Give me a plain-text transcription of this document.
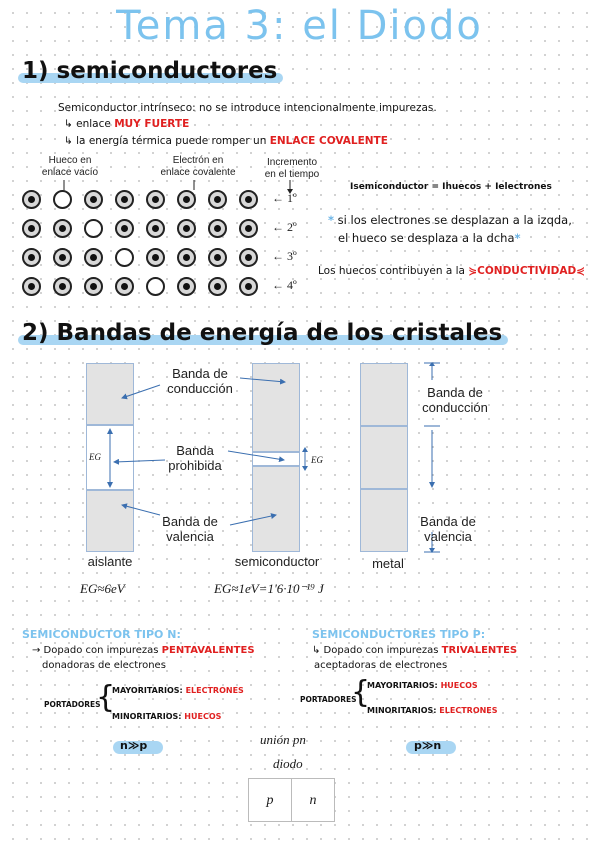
Tema 3: el Diodo
1) semiconductores
Semiconductor intrínseco: no se introduce intencionalmente impurezas.
↳ enlace MUY FUERTE
↳ la energía térmica puede romper un ENLACE COVALENTE
Hueco en
enlace vacío
Electrón en
enlace covalente
Incremento
en el tiempo
← 1º
← 2º
← 3º
← 4º
Isemiconductor = Ihuecos + Ielectrones
* si los electrones se desplazan a la izqda,
el hueco se desplaza a la dcha*
Los huecos contribuyen a la ⋟CONDUCTIVIDAD⋞
2) Bandas de energía de los cristales
Banda de
conducción
Banda
prohibida
Banda de
valencia
EG	EG
Banda de
conducción
Banda de
valencia
aislante	semiconductor	metal
EG≈6eV	EG≈1eV=1'6·10⁻¹⁹ J
SEMICONDUCTOR TIPO N:
→ Dopado con impurezas PENTAVALENTES
donadoras de electrones
PORTADORES
{
MAYORITARIOS: ELECTRONES
MINORITARIOS: HUECOS
n≫p
SEMICONDUCTORES TIPO P:
↳ Dopado con impurezas TRIVALENTES
aceptadoras de electrones
PORTADORES
{
MAYORITARIOS: HUECOS
MINORITARIOS: ELECTRONES
p≫n
unión pn
diodo
p	n
